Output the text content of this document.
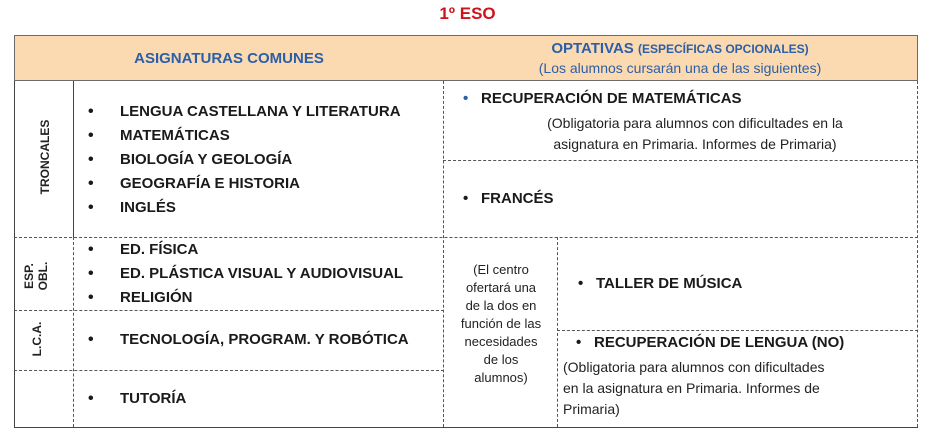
1º ESO
ASIGNATURAS COMUNES
OPTATIVAS (ESPECÍFICAS OPCIONALES)
(Los alumnos cursarán una de las siguientes)
TRONCALES
ESP.
OBL.
L.C.A.
• LENGUA CASTELLANA Y LITERATURA
• MATEMÁTICAS
• BIOLOGÍA Y GEOLOGÍA
• GEOGRAFÍA E HISTORIA
• INGLÉS
• ED. FÍSICA
• ED. PLÁSTICA VISUAL Y AUDIOVISUAL
• RELIGIÓN
• TECNOLOGÍA, PROGRAM. Y ROBÓTICA
• TUTORÍA
• RECUPERACIÓN DE MATEMÁTICAS
(Obligatoria para alumnos con dificultades en la
asignatura en Primaria. Informes de Primaria)
• FRANCÉS
(El centro
ofertará una
de la dos en
función de las
necesidades
de los
alumnos)
• TALLER DE MÚSICA
• RECUPERACIÓN DE LENGUA (NO)
(Obligatoria para alumnos con dificultades
en la asignatura en Primaria. Informes de
Primaria)
